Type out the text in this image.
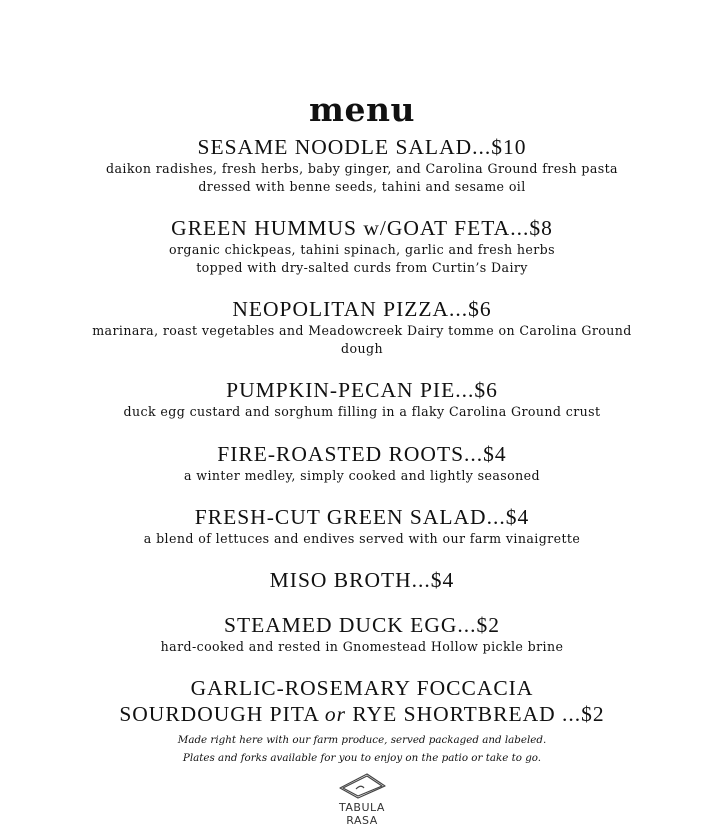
menu
SESAME NOODLE SALAD...$10
daikon radishes, fresh herbs, baby ginger, and Carolina Ground fresh pasta
dressed with benne seeds, tahini and sesame oil
GREEN HUMMUS w/GOAT FETA...$8
organic chickpeas, tahini spinach, garlic and fresh herbs
topped with dry-salted curds from Curtin’s Dairy
NEOPOLITAN PIZZA...$6
marinara, roast vegetables and Meadowcreek Dairy tomme on Carolina Ground
dough
PUMPKIN-PECAN PIE...$6
duck egg custard and sorghum filling in a flaky Carolina Ground crust
FIRE-ROASTED ROOTS...$4
a winter medley, simply cooked and lightly seasoned
FRESH-CUT GREEN SALAD...$4
a blend of lettuces and endives served with our farm vinaigrette
MISO BROTH...$4
STEAMED DUCK EGG...$2
hard-cooked and rested in Gnomestead Hollow pickle brine
GARLIC-ROSEMARY FOCCACIA
SOURDOUGH PITA or RYE SHORTBREAD ...$2
Made right here with our farm produce, served packaged and labeled.
Plates and forks available for you to enjoy on the patio or take to go.
TABULA
RASA
